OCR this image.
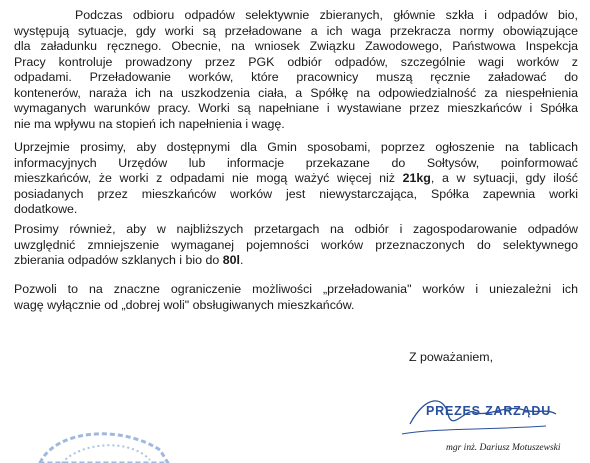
Podczas odbioru odpadów selektywnie zbieranych, głównie szkła i odpadów bio,
występują sytuacje, gdy worki są przeładowane a ich waga przekracza normy obowiązujące
dla załadunku ręcznego. Obecnie, na wniosek Związku Zawodowego, Państwowa Inspekcja
Pracy kontroluje prowadzony przez PGK odbiór odpadów, szczególnie wagi worków z
odpadami. Przeładowanie worków, które pracownicy muszą ręcznie załadować do
kontenerów, naraża ich na uszkodzenia ciała, a Spółkę na odpowiedzialność za niespełnienia
wymaganych warunków pracy. Worki są napełniane i wystawiane przez mieszkańców i Spółka
nie ma wpływu na stopień ich napełnienia i wagę.
Uprzejmie prosimy, aby dostępnymi dla Gmin sposobami, poprzez ogłoszenie na tablicach
informacyjnych Urzędów lub informacje przekazane do Sołtysów, poinformować
mieszkańców, że worki z odpadami nie mogą ważyć więcej niż 21kg, a w sytuacji, gdy ilość
posiadanych przez mieszkańców worków jest niewystarczająca, Spółka zapewnia worki
dodatkowe.
Prosimy również, aby w najbliższych przetargach na odbiór i zagospodarowanie odpadów
uwzględnić zmniejszenie wymaganej pojemności worków przeznaczonych do selektywnego
zbierania odpadów szklanych i bio do 80l.
Pozwoli to na znaczne ograniczenie możliwości „przeładowania" worków i uniezależni ich
wagę wyłącznie od „dobrej woli" obsługiwanych mieszkańców.
Z poważaniem,
PREZES ZARZĄDU
mgr inż. Dariusz Motuszewski
